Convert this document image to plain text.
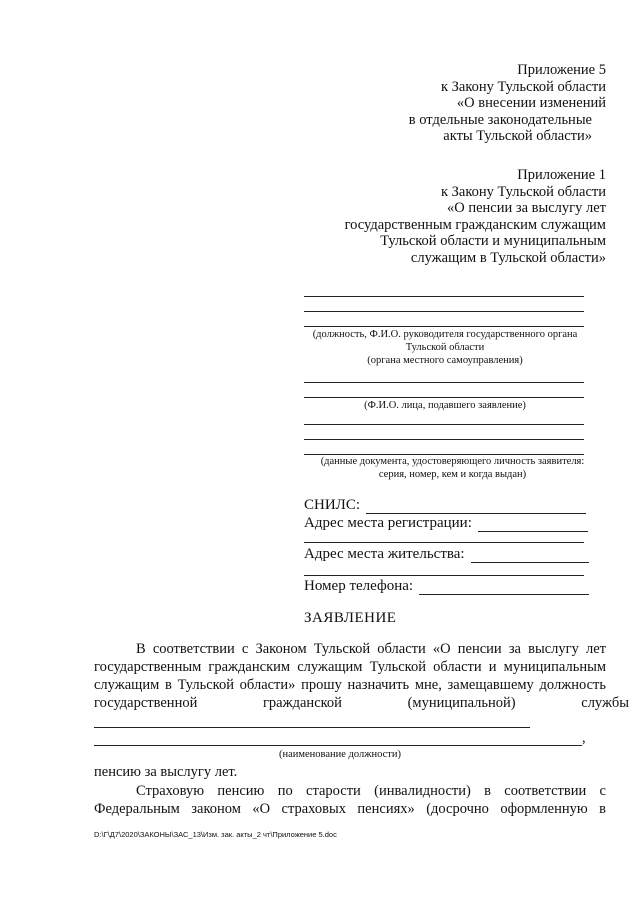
Приложение 5
к Закону Тульской области
«О внесении изменений
в отдельные законодательные
акты Тульской области»
Приложение 1
к Закону Тульской области
«О пенсии за выслугу лет
государственным гражданским служащим
Тульской области и муниципальным
служащим в Тульской области»
(должность, Ф.И.О. руководителя государственного органа
Тульской области
(органа местного самоуправления)
(Ф.И.О. лица, подавшего заявление)
(данные документа, удостоверяющего личность заявителя:
серия, номер, кем и когда выдан)
СНИЛС:
Адрес места регистрации:
Адрес места жительства:
Номер телефона:
ЗАЯВЛЕНИЕ
В соответствии с Законом Тульской области «О пенсии за выслугу лет
государственным гражданским служащим Тульской области и муниципальным
служащим в Тульской области» прошу назначить мне, замещавшему должность
государственной гражданской (муниципальной) службы
,
(наименование должности)
пенсию за выслугу лет.
Страховую пенсию по старости (инвалидности) в соответствии с
Федеральным законом «О страховых пенсиях» (досрочно оформленную в
D:\Г\Д7\2020\ЗАКОНЫ\ЗАС_13\Изм. зак. акты_2 чт\Приложение 5.doc
